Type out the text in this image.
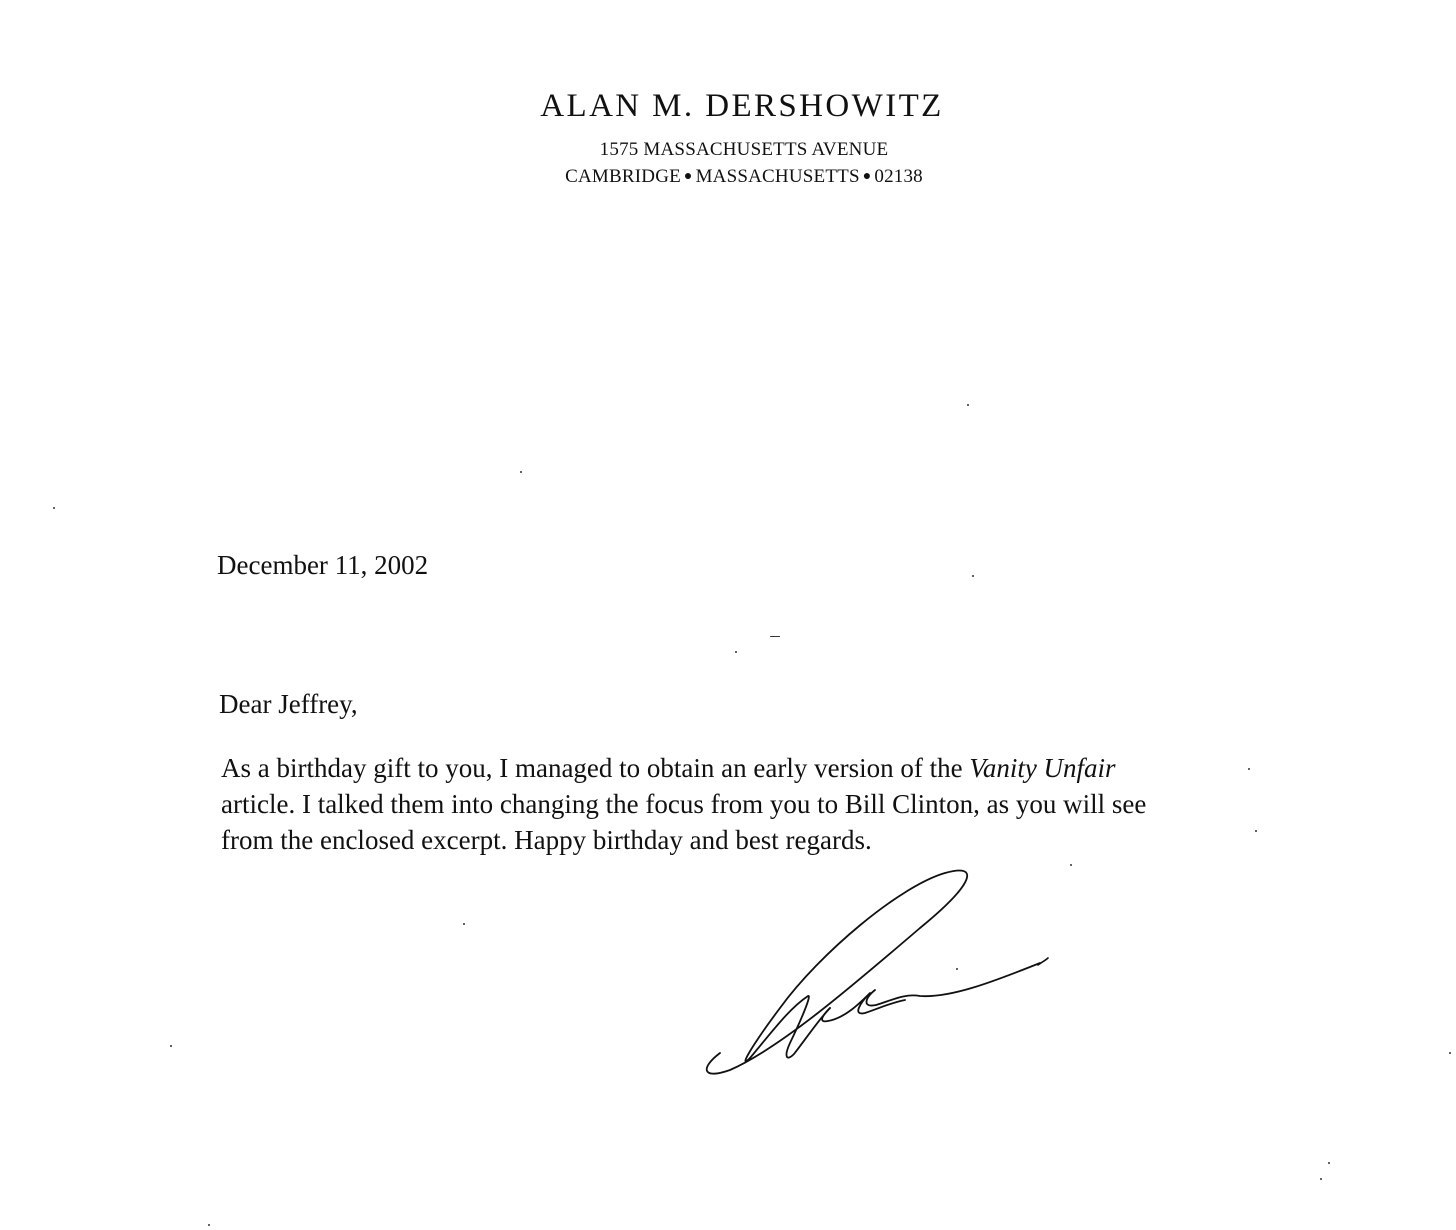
ALAN M. DERSHOWITZ
1575 MASSACHUSETTS AVENUE
CAMBRIDGE ● MASSACHUSETTS ● 02138
December 11, 2002
Dear Jeffrey,
As a birthday gift to you, I managed to obtain an early version of the Vanity Unfair
article. I talked them into changing the focus from you to Bill Clinton, as you will see
from the enclosed excerpt. Happy birthday and best regards.
